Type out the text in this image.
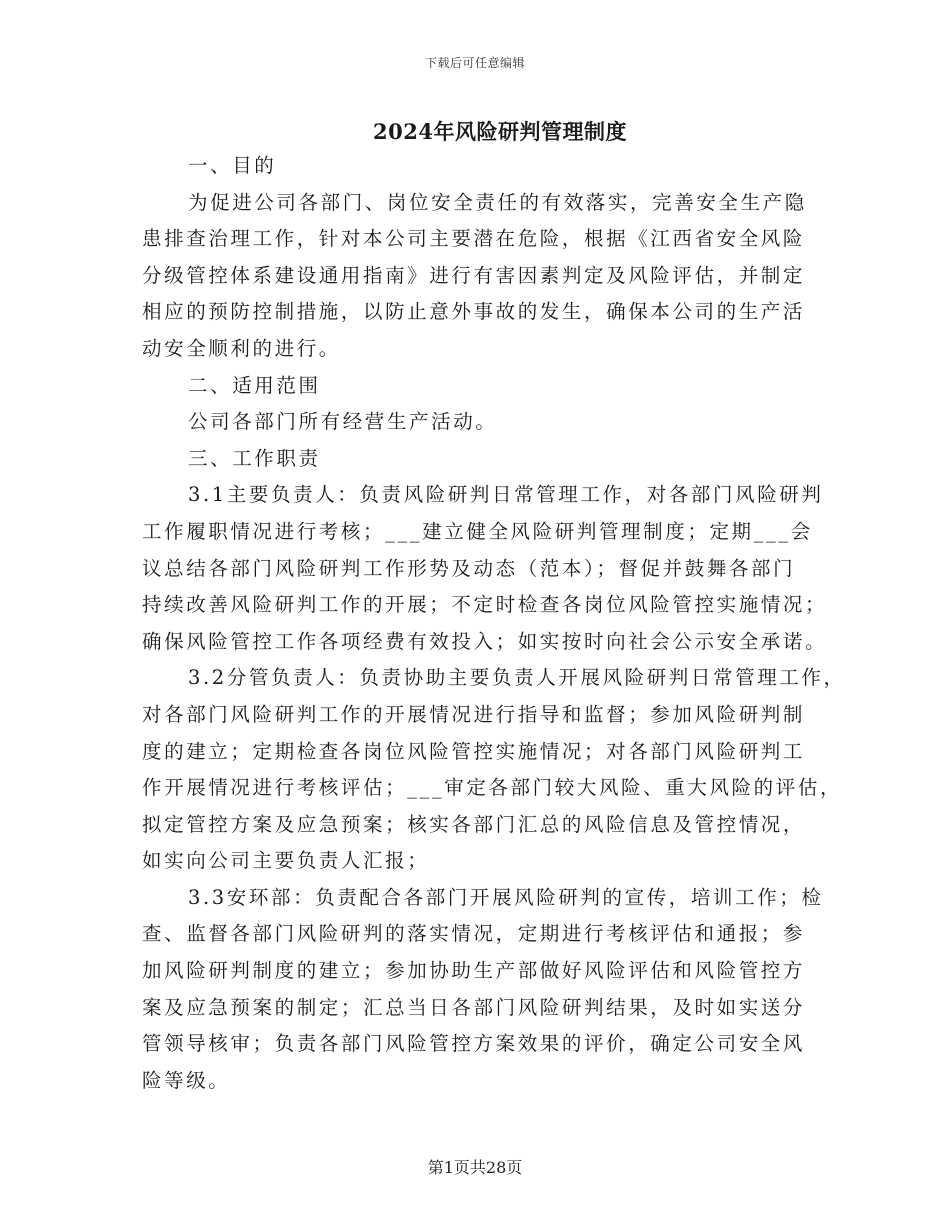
下载后可任意编辑
2024年风险研判管理制度
一、目的
为促进公司各部门、岗位安全责任的有效落实，完善安全生产隐
患排查治理工作，针对本公司主要潜在危险，根据《江西省安全风险
分级管控体系建设通用指南》进行有害因素判定及风险评估，并制定
相应的预防控制措施，以防止意外事故的发生，确保本公司的生产活
动安全顺利的进行。
二、适用范围
公司各部门所有经营生产活动。
三、工作职责
3.1主要负责人：负责风险研判日常管理工作，对各部门风险研判
工作履职情况进行考核；___建立健全风险研判管理制度；定期___会
议总结各部门风险研判工作形势及动态（范本）；督促并鼓舞各部门
持续改善风险研判工作的开展；不定时检查各岗位风险管控实施情况；
确保风险管控工作各项经费有效投入；如实按时向社会公示安全承诺。
3.2分管负责人：负责协助主要负责人开展风险研判日常管理工作，
对各部门风险研判工作的开展情况进行指导和监督；参加风险研判制
度的建立；定期检查各岗位风险管控实施情况；对各部门风险研判工
作开展情况进行考核评估；___审定各部门较大风险、重大风险的评估，
拟定管控方案及应急预案；核实各部门汇总的风险信息及管控情况，
如实向公司主要负责人汇报；
3.3安环部：负责配合各部门开展风险研判的宣传，培训工作；检
查、监督各部门风险研判的落实情况，定期进行考核评估和通报；参
加风险研判制度的建立；参加协助生产部做好风险评估和风险管控方
案及应急预案的制定；汇总当日各部门风险研判结果，及时如实送分
管领导核审；负责各部门风险管控方案效果的评价，确定公司安全风
险等级。
第1页共28页
